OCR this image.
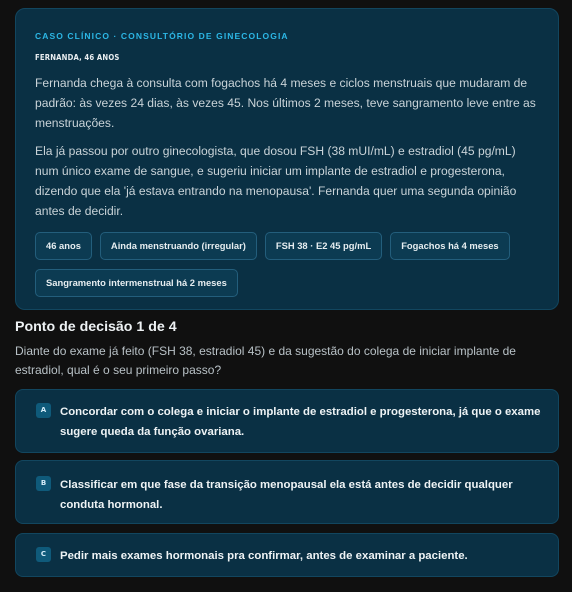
CASO CLÍNICO · CONSULTÓRIO DE GINECOLOGIA
FERNANDA, 46 ANOS

Fernanda chega à consulta com fogachos há 4 meses e ciclos menstruais que mudaram de padrão: às vezes 24 dias, às vezes 45. Nos últimos 2 meses, teve sangramento leve entre as menstruações.

Ela já passou por outro ginecologista, que dosou FSH (38 mUI/mL) e estradiol (45 pg/mL) num único exame de sangue, e sugeriu iniciar um implante de estradiol e progesterona, dizendo que ela 'já estava entrando na menopausa'. Fernanda quer uma segunda opinião antes de decidir.

46 anos	Ainda menstruando (irregular)	FSH 38 · E2 45 pg/mL	Fogachos há 4 meses
Sangramento intermenstrual há 2 meses
Ponto de decisão 1 de 4

Diante do exame já feito (FSH 38, estradiol 45) e da sugestão do colega de iniciar implante de estradiol, qual é o seu primeiro passo?

A	Concordar com o colega e iniciar o implante de estradiol e progesterona, já que o exame sugere queda da função ovariana.
B	Classificar em que fase da transição menopausal ela está antes de decidir qualquer conduta hormonal.
C	Pedir mais exames hormonais pra confirmar, antes de examinar a paciente.
